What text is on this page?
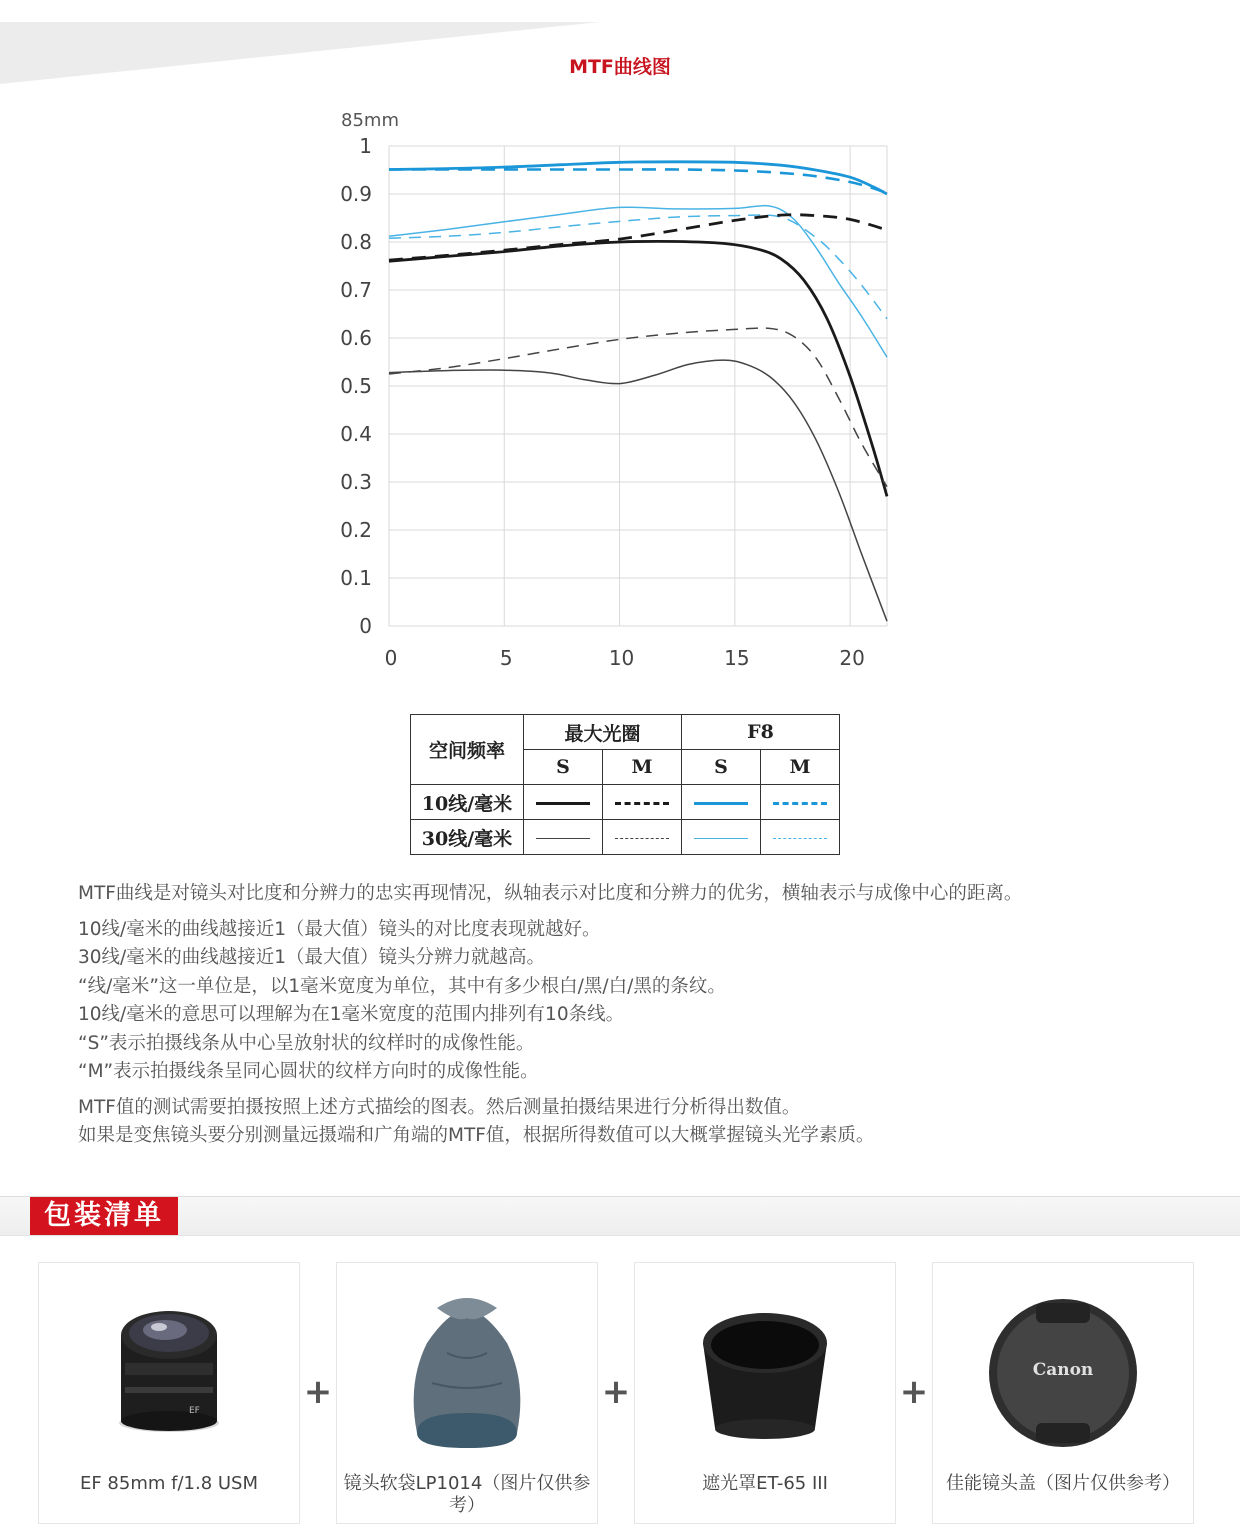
MTF曲线图
1
0.9
0.8
0.7
0.6
0.5
0.4
0.3
0.2
0.1
0
0	5	10	15	20
85mm
空间频率	最大光圈		F8	
	S	M	S	M
10线/毫米				
30线/毫米				

MTF曲线是对镜头对比度和分辨力的忠实再现情况，纵轴表示对比度和分辨力的优劣，横轴表示与成像中心的距离。

10线/毫米的曲线越接近1（最大值）镜头的对比度表现就越好。

30线/毫米的曲线越接近1（最大值）镜头分辨力就越高。

“线/毫米”这一单位是，以1毫米宽度为单位，其中有多少根白/黑/白/黑的条纹。

10线/毫米的意思可以理解为在1毫米宽度的范围内排列有10条线。

“S”表示拍摄线条从中心呈放射状的纹样时的成像性能。

“M”表示拍摄线条呈同心圆状的纹样方向时的成像性能。

MTF值的测试需要拍摄按照上述方式描绘的图表。然后测量拍摄结果进行分析得出数值。

如果是变焦镜头要分别测量远摄端和广角端的MTF值，根据所得数值可以大概掌握镜头光学素质。

包装清单
EF
EF 85mm f/1.8 USM
+
镜头软袋LP1014（图片仅供参考）
+
遮光罩ET-65 III
+
Canon
佳能镜头盖（图片仅供参考）
